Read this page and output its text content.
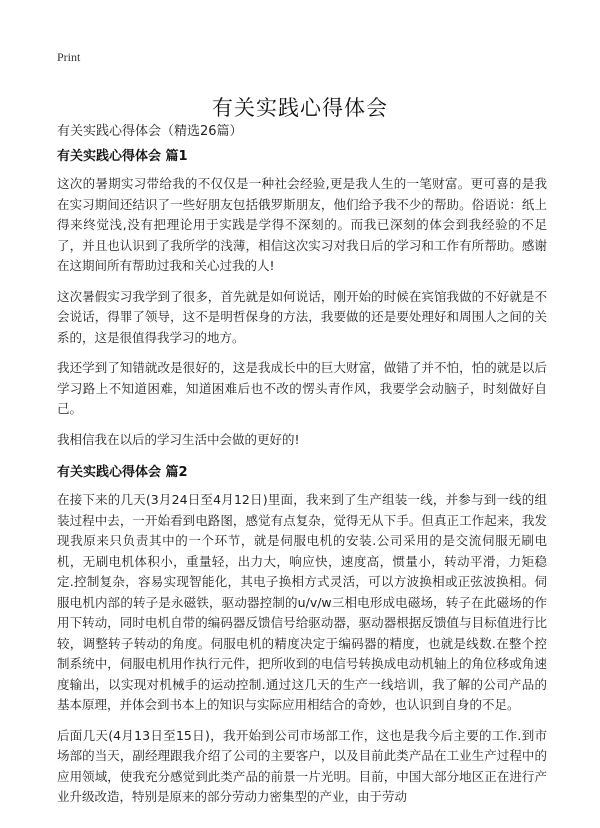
Print
有关实践心得体会
有关实践心得体会（精选26篇）
有关实践心得体会 篇1

这次的暑期实习带给我的不仅仅是一种社会经验,更是我人生的一笔财富。更可喜的是我在实习期间还结识了一些好朋友包括俄罗斯朋友，他们给予我不少的帮助。俗语说：纸上得来终觉浅,没有把理论用于实践是学得不深刻的。而我已深刻的体会到我经验的不足了，并且也认识到了我所学的浅薄，相信这次实习对我日后的学习和工作有所帮助。感谢在这期间所有帮助过我和关心过我的人!

这次暑假实习我学到了很多，首先就是如何说话，刚开始的时候在宾馆我做的不好就是不会说话，得罪了领导，这不是明哲保身的方法，我要做的还是要处理好和周围人之间的关系的，这是很值得我学习的地方。

我还学到了知错就改是很好的，这是我成长中的巨大财富，做错了并不怕，怕的就是以后学习路上不知道困难，知道困难后也不改的愣头青作风，我要学会动脑子，时刻做好自己。

我相信我在以后的学习生活中会做的更好的!

有关实践心得体会 篇2

在接下来的几天(3月24日至4月12日)里面，我来到了生产组装一线，并参与到一线的组装过程中去，一开始看到电路图，感觉有点复杂，觉得无从下手。但真正工作起来，我发现我原来只负责其中的一个环节，就是伺服电机的安装.公司采用的是交流伺服无刷电机，无刷电机体积小，重量轻，出力大，响应快，速度高，惯量小，转动平滑，力矩稳定.控制复杂，容易实现智能化，其电子换相方式灵活，可以方波换相或正弦波换相。伺服电机内部的转子是永磁铁，驱动器控制的u/v/w三相电形成电磁场，转子在此磁场的作用下转动，同时电机自带的编码器反馈信号给驱动器，驱动器根据反馈值与目标值进行比较，调整转子转动的角度。伺服电机的精度决定于编码器的精度，也就是线数.在整个控制系统中，伺服电机用作执行元件，把所收到的电信号转换成电动机轴上的角位移或角速度输出，以实现对机械手的运动控制.通过这几天的生产一线培训，我了解的公司产品的基本原理，并体会到书本上的知识与实际应用相结合的奇妙，也认识到自身的不足。

后面几天(4月13日至15日)，我开始到公司市场部工作，这也是我今后主要的工作.到市场部的当天，副经理跟我介绍了公司的主要客户，以及目前此类产品在工业生产过程中的应用领域，使我充分感觉到此类产品的前景一片光明。目前，中国大部分地区正在进行产业升级改造，特别是原来的部分劳动力密集型的产业，由于劳动
